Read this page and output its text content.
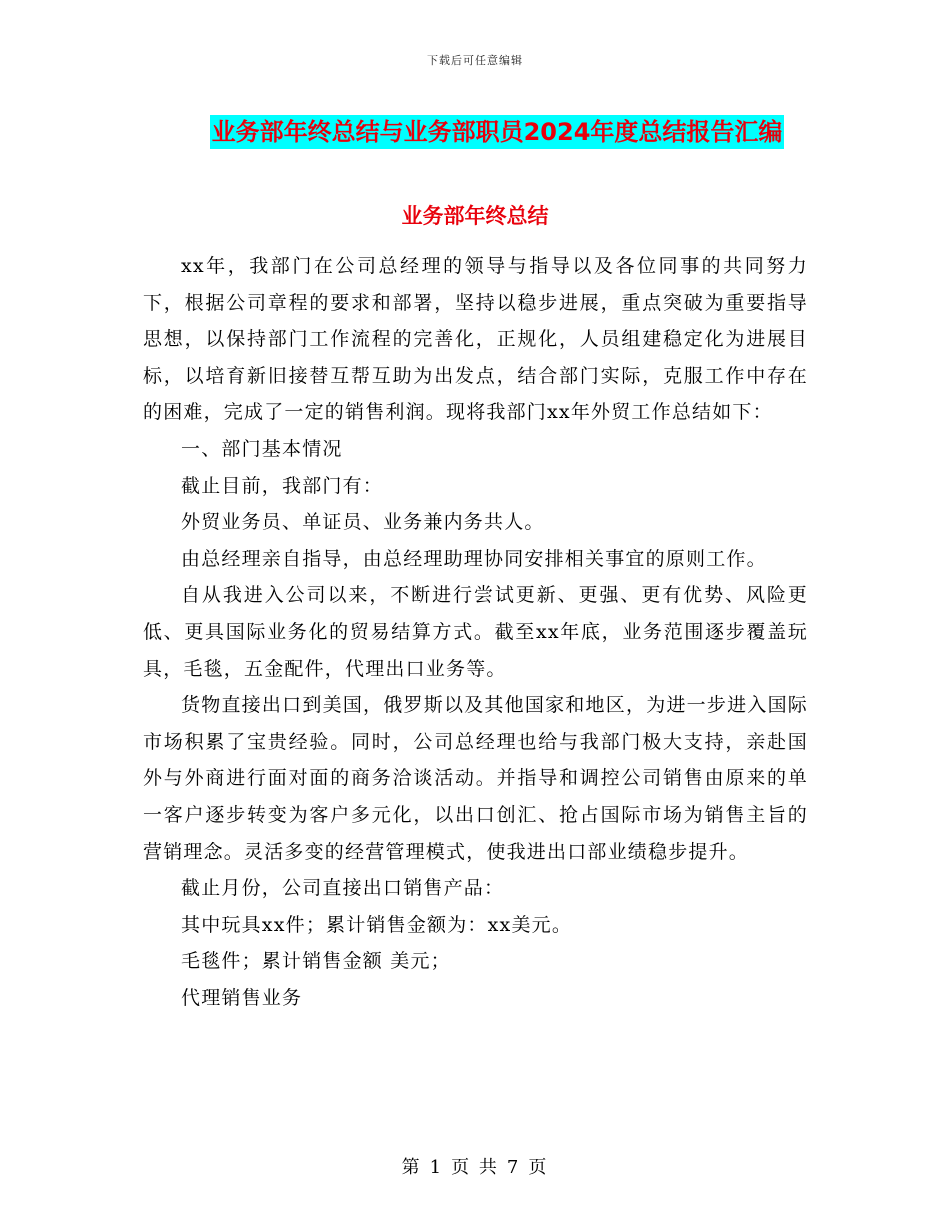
下载后可任意编辑
业务部年终总结与业务部职员2024年度总结报告汇编
业务部年终总结

xx年，我部门在公司总经理的领导与指导以及各位同事的共同努力下，根据公司章程的要求和部署，坚持以稳步进展，重点突破为重要指导思想，以保持部门工作流程的完善化，正规化，人员组建稳定化为进展目标，以培育新旧接替互帮互助为出发点，结合部门实际，克服工作中存在的困难，完成了一定的销售利润。现将我部门xx年外贸工作总结如下：

一、部门基本情况

截止目前，我部门有：

外贸业务员、单证员、业务兼内务共人。

由总经理亲自指导，由总经理助理协同安排相关事宜的原则工作。

自从我进入公司以来，不断进行尝试更新、更强、更有优势、风险更低、更具国际业务化的贸易结算方式。截至xx年底，业务范围逐步覆盖玩具，毛毯，五金配件，代理出口业务等。

货物直接出口到美国，俄罗斯以及其他国家和地区，为进一步进入国际市场积累了宝贵经验。同时，公司总经理也给与我部门极大支持，亲赴国外与外商进行面对面的商务洽谈活动。并指导和调控公司销售由原来的单一客户逐步转变为客户多元化，以出口创汇、抢占国际市场为销售主旨的营销理念。灵活多变的经营管理模式，使我进出口部业绩稳步提升。

截止月份，公司直接出口销售产品：

其中玩具xx件；累计销售金额为：xx美元。

毛毯件；累计销售金额 美元；

代理销售业务

第 1 页 共 7 页
